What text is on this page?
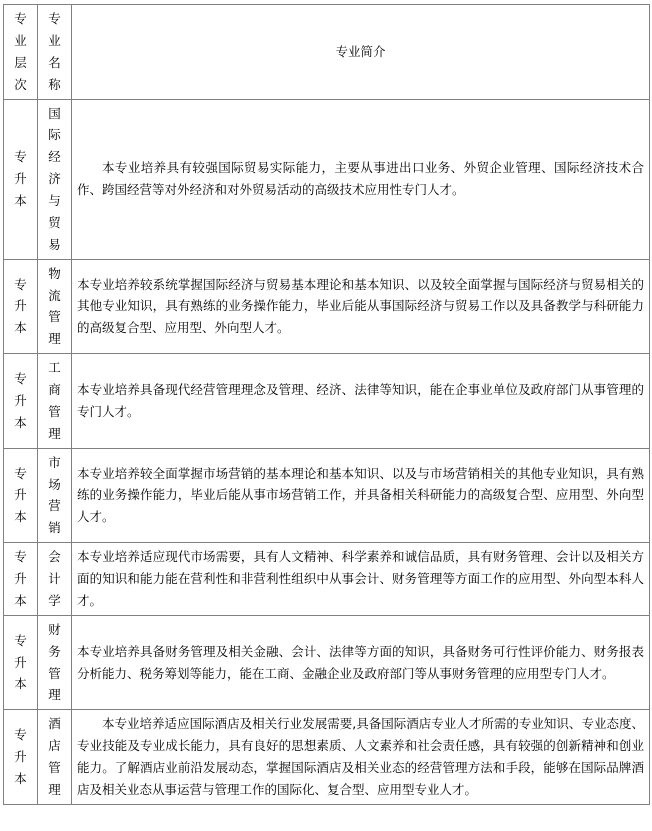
专
业
层
次	专
业
名
称	专业简介

专
升
本

国
际
经
济
与
贸
易
	本专业培养具有较强国际贸易实际能力，主要从事进出口业务、外贸企业管理、国际经济技术合作、跨国经营等对外经济和对外贸易活动的高级技术应用性专门人才。

专
升
本	物
流
管
理	本专业培养较系统掌握国际经济与贸易基本理论和基本知识、以及较全面掌握与国际经济与贸易相关的其他专业知识，具有熟练的业务操作能力，毕业后能从事国际经济与贸易工作以及具备教学与科研能力的高级复合型、应用型、外向型人才。

专
升
本	工
商
管
理	本专业培养具备现代经营管理理念及管理、经济、法律等知识，能在企事业单位及政府部门从事管理的专门人才。

专
升
本	市
场
营
销	本专业培养较全面掌握市场营销的基本理论和基本知识、以及与市场营销相关的其他专业知识，具有熟练的业务操作能力，毕业后能从事市场营销工作，并具备相关科研能力的高级复合型、应用型、外向型人才。

专
升
本	会
计
学	本专业培养适应现代市场需要，具有人文精神、科学素养和诚信品质，具有财务管理、会计以及相关方面的知识和能力能在营利性和非营利性组织中从事会计、财务管理等方面工作的应用型、外向型本科人才。

专
升
本	财
务
管
理	本专业培养具备财务管理及相关金融、会计、法律等方面的知识，具备财务可行性评价能力、财务报表分析能力、税务筹划等能力，能在工商、金融企业及政府部门等从事财务管理的应用型专门人才。

专
升
本	酒
店
管
理	本专业培养适应国际酒店及相关行业发展需要,具备国际酒店专业人才所需的专业知识、专业态度、专业技能及专业成长能力，具有良好的思想素质、人文素养和社会责任感，具有较强的创新精神和创业能力。了解酒店业前沿发展动态，掌握国际酒店及相关业态的经营管理方法和手段，能够在国际品牌酒店及相关业态从事运营与管理工作的国际化、复合型、应用型专业人才。
